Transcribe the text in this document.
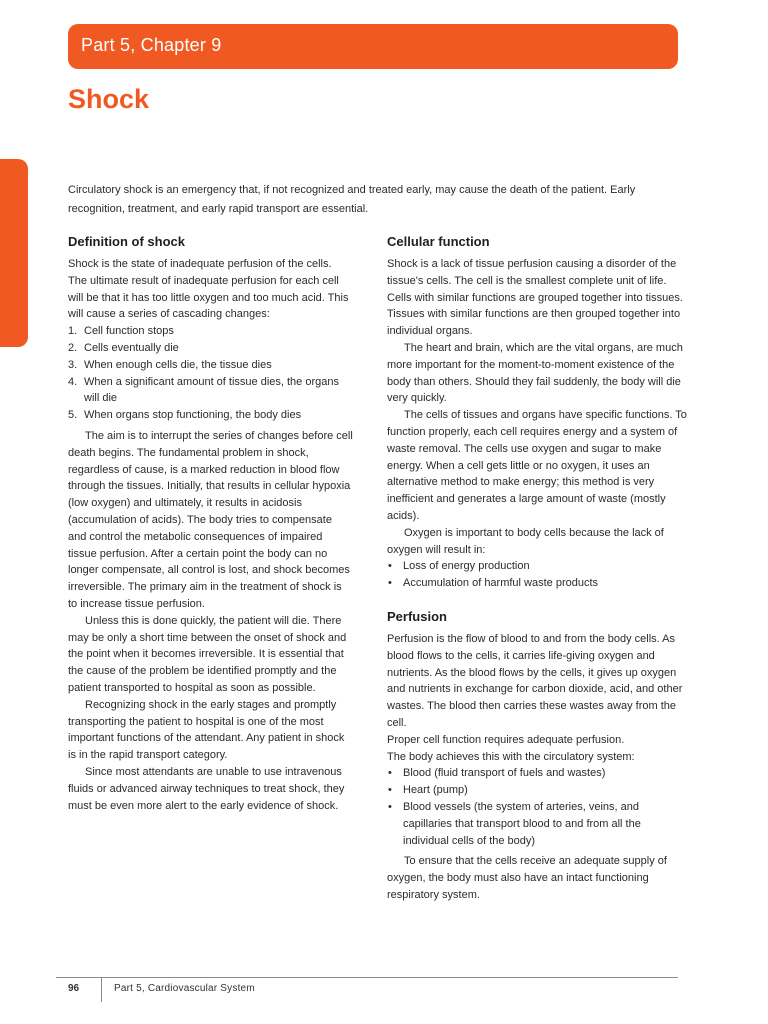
Part 5, Chapter 9
Shock

Circulatory shock is an emergency that, if not recognized and treated early, may cause the death of the patient. Early recognition, treatment, and early rapid transport are essential.

Definition of shock

Shock is the state of inadequate perfusion of the cells. The ultimate result of inadequate perfusion for each cell will be that it has too little oxygen and too much acid. This will cause a series of cascading changes:

1. Cell function stops
2. Cells eventually die
3. When enough cells die, the tissue dies
4. When a significant amount of tissue dies, the organs will die
5. When organs stop functioning, the body dies

The aim is to interrupt the series of changes before cell death begins. The fundamental problem in shock, regardless of cause, is a marked reduction in blood flow through the tissues. Initially, that results in cellular hypoxia (low oxygen) and ultimately, it results in acidosis (accumulation of acids). The body tries to compensate and control the metabolic consequences of impaired tissue perfusion. After a certain point the body can no longer compensate, all control is lost, and shock becomes irreversible. The primary aim in the treatment of shock is to increase tissue perfusion.

Unless this is done quickly, the patient will die. There may be only a short time between the onset of shock and the point when it becomes irreversible. It is essential that the cause of the problem be identified promptly and the patient transported to hospital as soon as possible.

Recognizing shock in the early stages and promptly transporting the patient to hospital is one of the most important functions of the attendant. Any patient in shock is in the rapid transport category.

Since most attendants are unable to use intravenous fluids or advanced airway techniques to treat shock, they must be even more alert to the early evidence of shock.

Cellular function

Shock is a lack of tissue perfusion causing a disorder of the tissue's cells. The cell is the smallest complete unit of life. Cells with similar functions are grouped together into tissues. Tissues with similar functions are then grouped together into individual organs.

The heart and brain, which are the vital organs, are much more important for the moment-to-moment existence of the body than others. Should they fail suddenly, the body will die very quickly.

The cells of tissues and organs have specific functions. To function properly, each cell requires energy and a system of waste removal. The cells use oxygen and sugar to make energy. When a cell gets little or no oxygen, it uses an alternative method to make energy; this method is very inefficient and generates a large amount of waste (mostly acids).

Oxygen is important to body cells because the lack of oxygen will result in:

• Loss of energy production
• Accumulation of harmful waste products
Perfusion

Perfusion is the flow of blood to and from the body cells. As blood flows to the cells, it carries life-giving oxygen and nutrients. As the blood flows by the cells, it gives up oxygen and nutrients in exchange for carbon dioxide, acid, and other wastes. The blood then carries these wastes away from the cell.

Proper cell function requires adequate perfusion.

The body achieves this with the circulatory system:

• Blood (fluid transport of fuels and wastes)
• Heart (pump)
• Blood vessels (the system of arteries, veins, and capillaries that transport blood to and from all the individual cells of the body)

To ensure that the cells receive an adequate supply of oxygen, the body must also have an intact functioning respiratory system.

96	Part 5, Cardiovascular System
